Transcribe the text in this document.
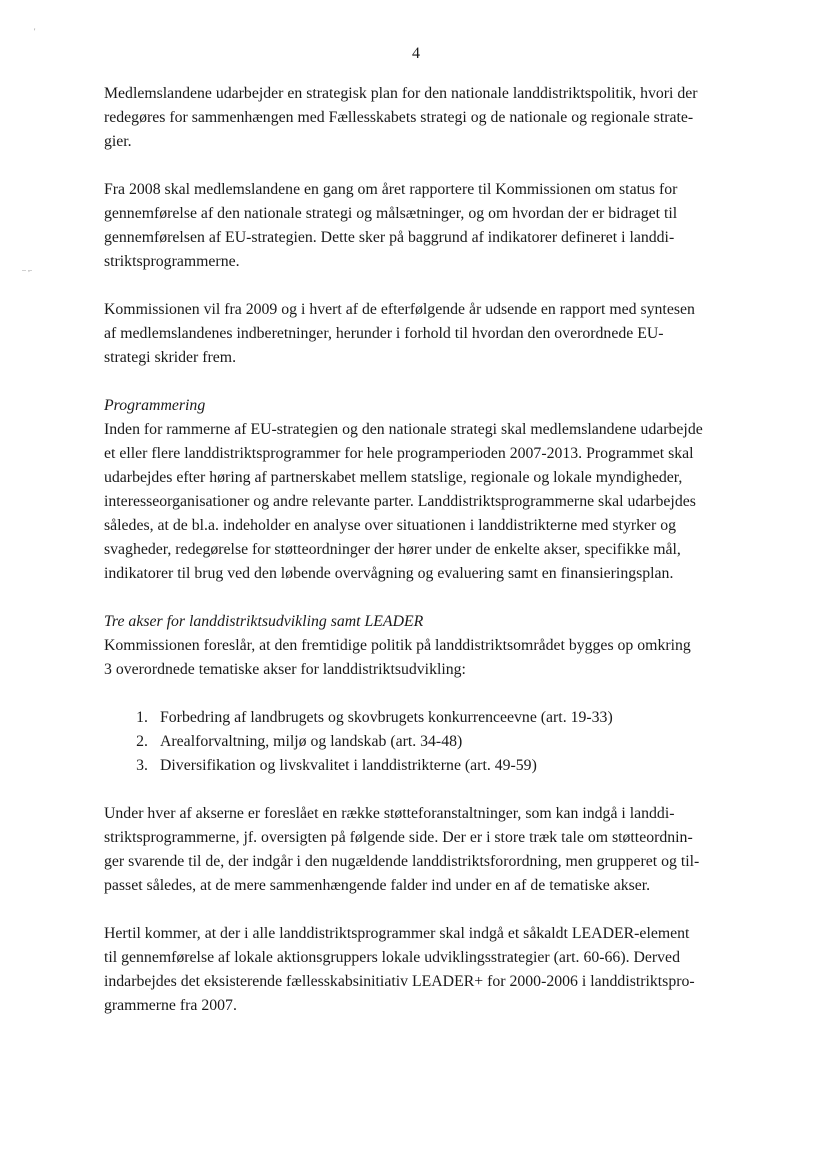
'
.. ,.
4
Medlemslandene udarbejder en strategisk plan for den nationale landdistriktspolitik, hvori der
redegøres for sammenhængen med Fællesskabets strategi og de nationale og regionale strate-
gier.
Fra 2008 skal medlemslandene en gang om året rapportere til Kommissionen om status for
gennemførelse af den nationale strategi og målsætninger, og om hvordan der er bidraget til
gennemførelsen af EU-strategien. Dette sker på baggrund af indikatorer defineret i landdi-
striktsprogrammerne.
Kommissionen vil fra 2009 og i hvert af de efterfølgende år udsende en rapport med syntesen
af medlemslandenes indberetninger, herunder i forhold til hvordan den overordnede EU-
strategi skrider frem.
Programmering
Inden for rammerne af EU-strategien og den nationale strategi skal medlemslandene udarbejde
et eller flere landdistriktsprogrammer for hele programperioden 2007-2013. Programmet skal
udarbejdes efter høring af partnerskabet mellem statslige, regionale og lokale myndigheder,
interesseorganisationer og andre relevante parter. Landdistriktsprogrammerne skal udarbejdes
således, at de bl.a. indeholder en analyse over situationen i landdistrikterne med styrker og
svagheder, redegørelse for støtteordninger der hører under de enkelte akser, specifikke mål,
indikatorer til brug ved den løbende overvågning og evaluering samt en finansieringsplan.
Tre akser for landdistriktsudvikling samt LEADER
Kommissionen foreslår, at den fremtidige politik på landdistriktsområdet bygges op omkring
3 overordnede tematiske akser for landdistriktsudvikling:
1. Forbedring af landbrugets og skovbrugets konkurrenceevne (art. 19-33)
2. Arealforvaltning, miljø og landskab (art. 34-48)
3. Diversifikation og livskvalitet i landdistrikterne (art. 49-59)
Under hver af akserne er foreslået en række støtteforanstaltninger, som kan indgå i landdi-
striktsprogrammerne, jf. oversigten på følgende side. Der er i store træk tale om støtteordnin-
ger svarende til de, der indgår i den nugældende landdistriktsforordning, men grupperet og til-
passet således, at de mere sammenhængende falder ind under en af de tematiske akser.
Hertil kommer, at der i alle landdistriktsprogrammer skal indgå et såkaldt LEADER-element
til gennemførelse af lokale aktionsgruppers lokale udviklingsstrategier (art. 60-66). Derved
indarbejdes det eksisterende fællesskabsinitiativ LEADER+ for 2000-2006 i landdistriktspro-
grammerne fra 2007.
